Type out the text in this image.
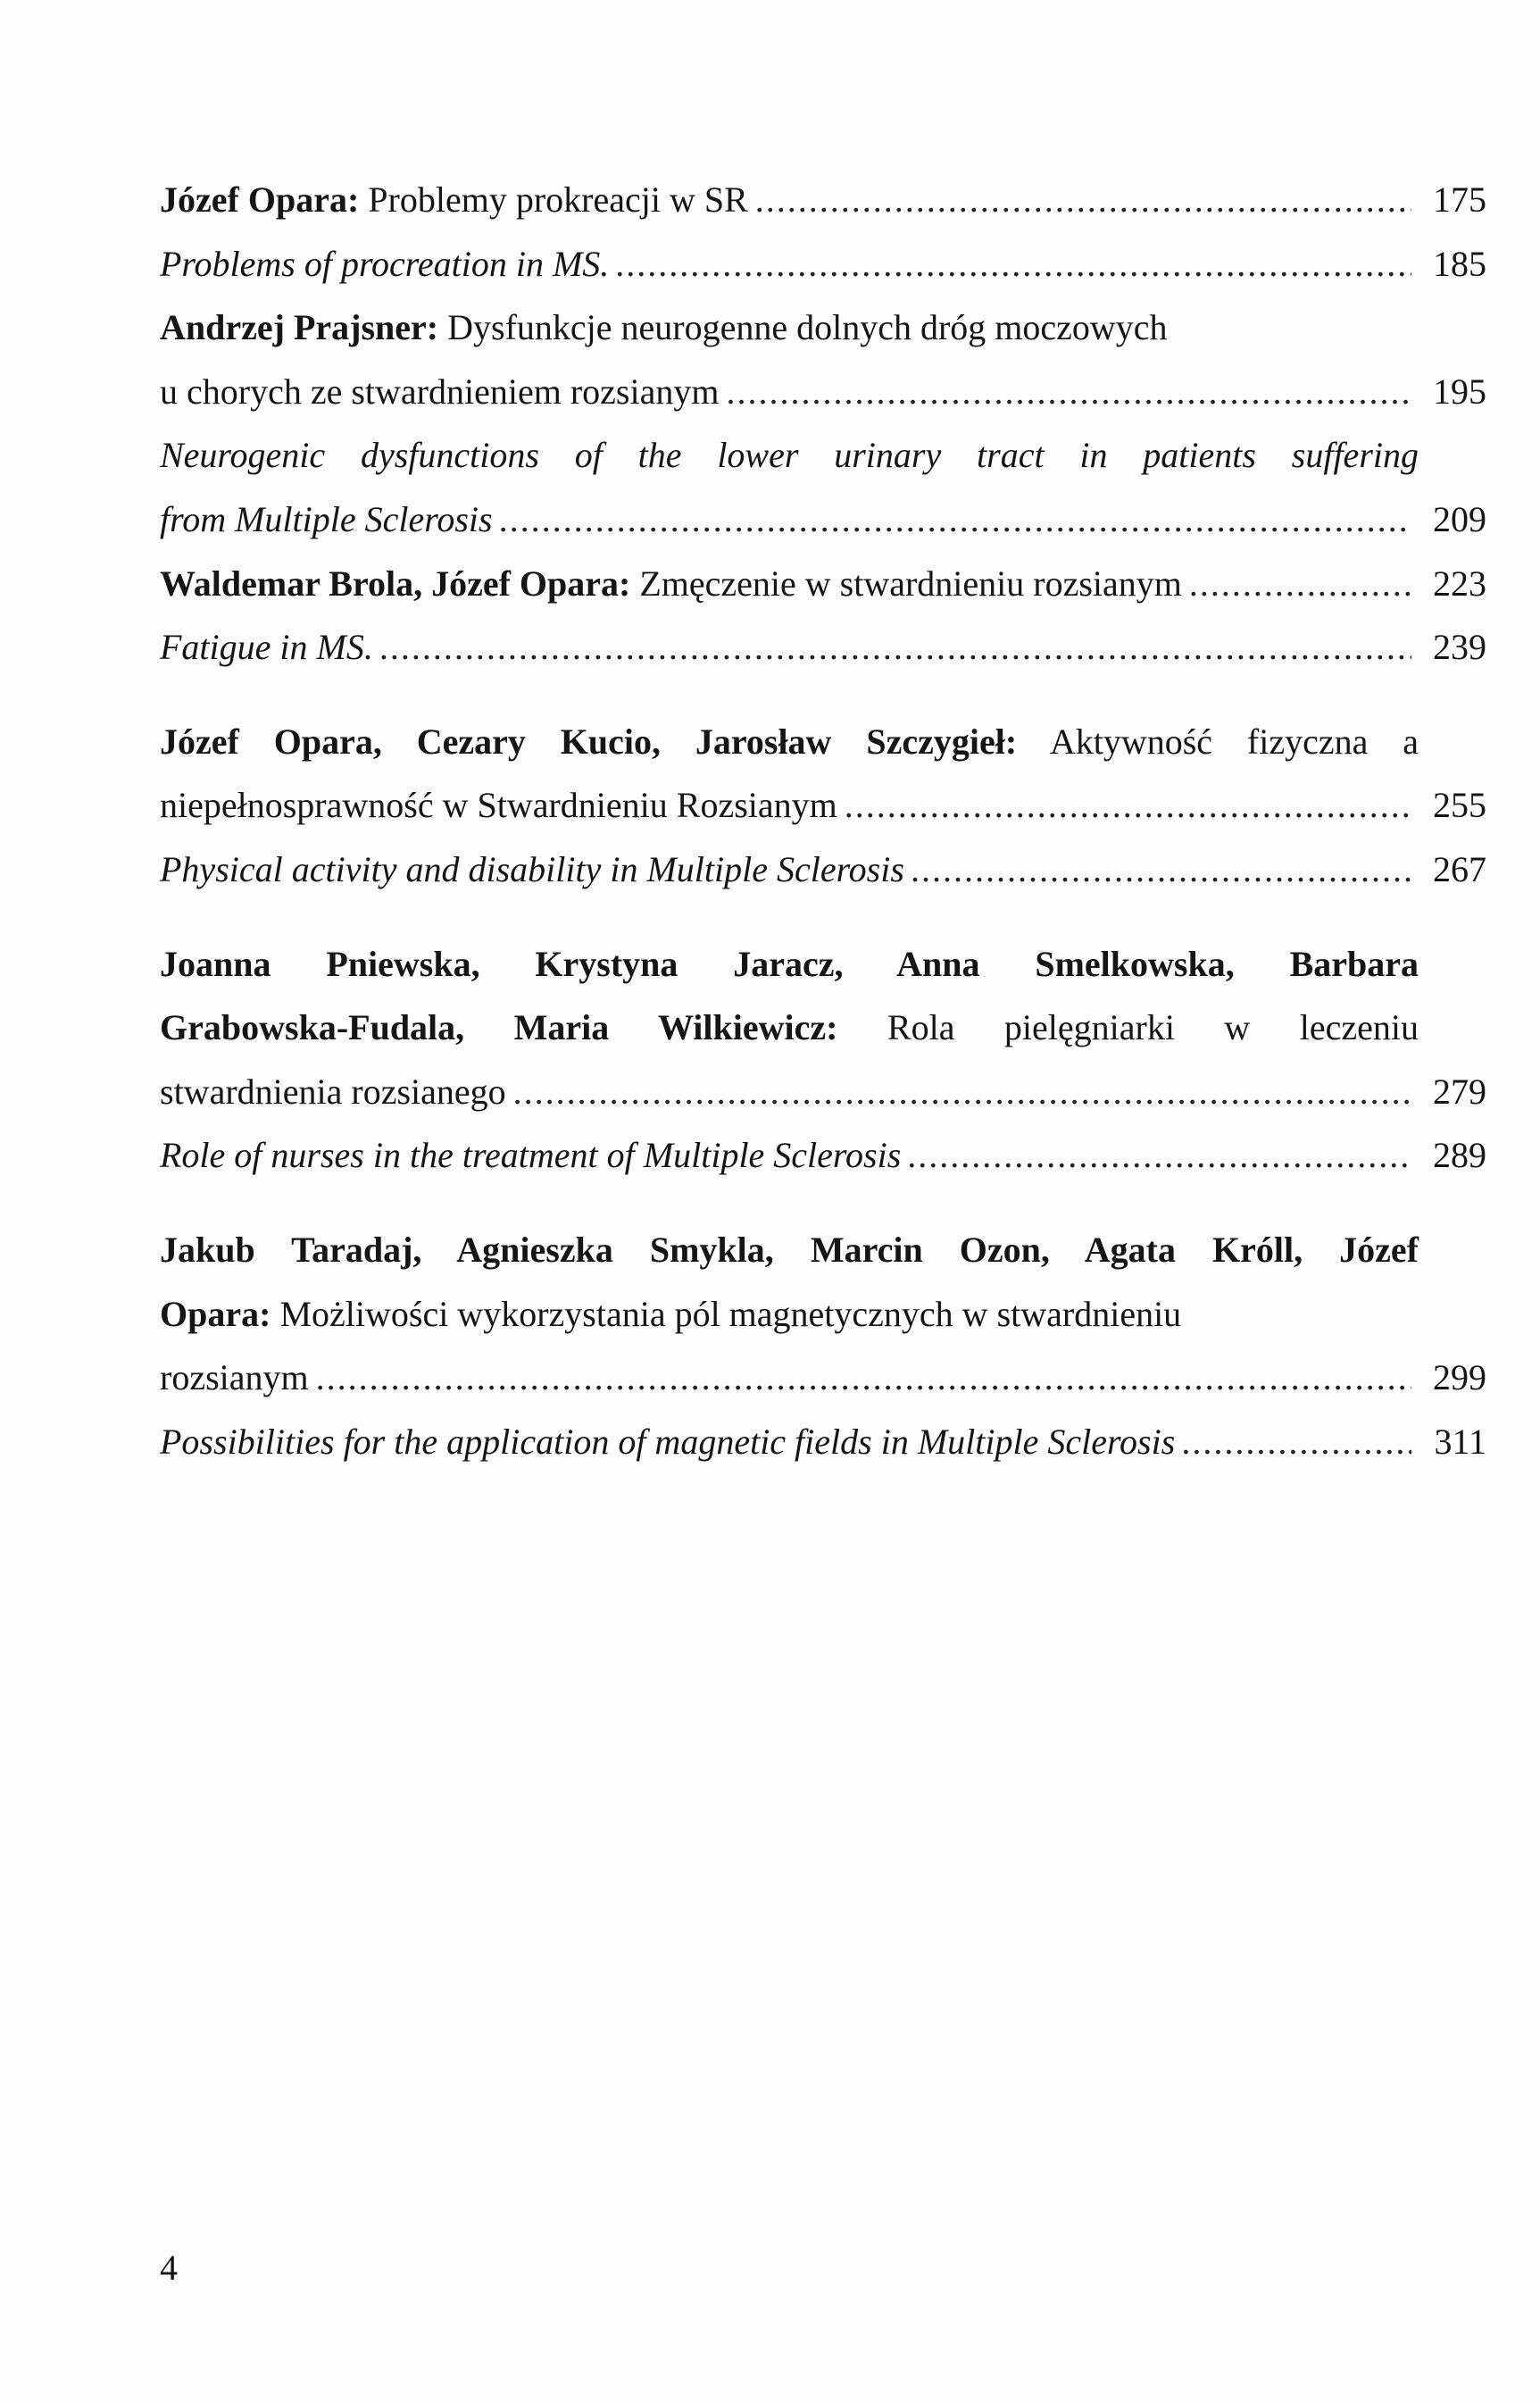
Józef Opara: Problemy prokreacji w SR .....	175
Problems of procreation in MS. .....	185
Andrzej Prajsner: Dysfunkcje neurogenne dolnych dróg moczowych
u chorych ze stwardnieniem rozsianym .....	195
Neurogenic dysfunctions of the lower urinary tract in patients suffering
from Multiple Sclerosis .....	209
Waldemar Brola, Józef Opara: Zmęczenie w stwardnieniu rozsianym .....	223
Fatigue in MS. .....	239
Józef Opara, Cezary Kucio, Jarosław Szczygieł: Aktywność fizyczna a
niepełnosprawność w Stwardnieniu Rozsianym .....	255
Physical activity and disability in Multiple Sclerosis .....	267
Joanna Pniewska, Krystyna Jaracz, Anna Smelkowska, Barbara
Grabowska-Fudala, Maria Wilkiewicz: Rola pielęgniarki w leczeniu
stwardnienia rozsianego .....	279
Role of nurses in the treatment of Multiple Sclerosis .....	289
Jakub Taradaj, Agnieszka Smykla, Marcin Ozon, Agata Króll, Józef
Opara: Możliwości wykorzystania pól magnetycznych w stwardnieniu
rozsianym .....	299
Possibilities for the application of magnetic fields in Multiple Sclerosis .....	311
4
